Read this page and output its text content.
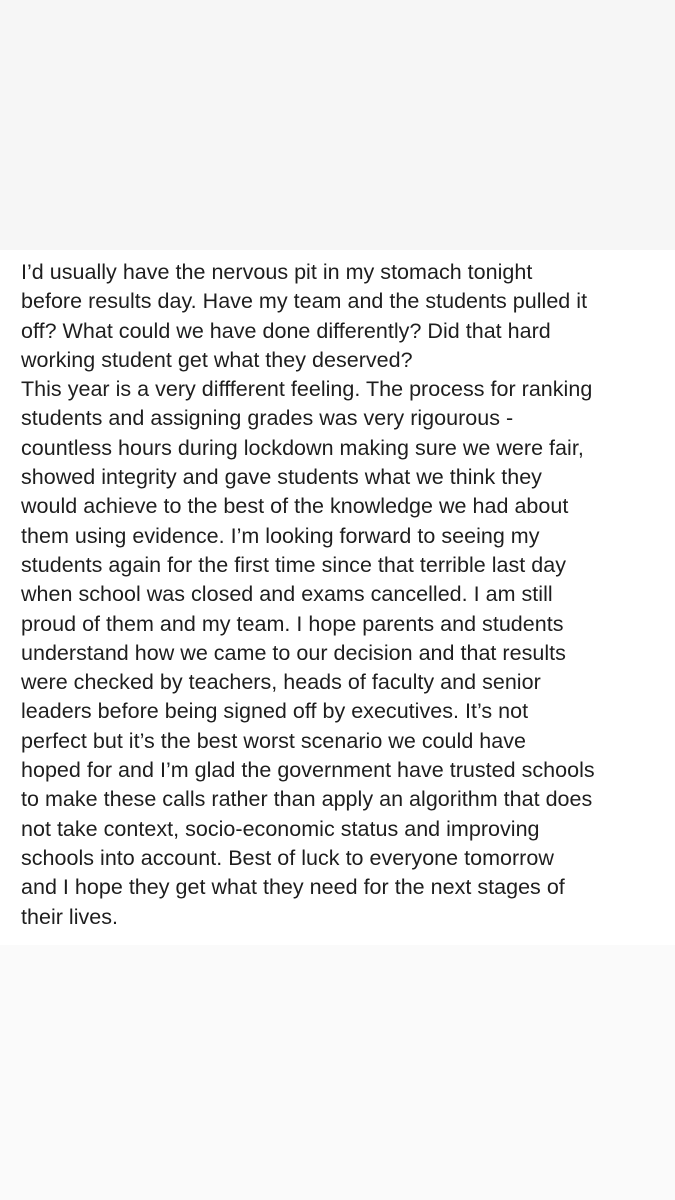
I’d usually have the nervous pit in my stomach tonight
before results day. Have my team and the students pulled it
off? What could we have done differently? Did that hard
working student get what they deserved?
This year is a very diffferent feeling. The process for ranking
students and assigning grades was very rigourous -
countless hours during lockdown making sure we were fair,
showed integrity and gave students what we think they
would achieve to the best of the knowledge we had about
them using evidence. I’m looking forward to seeing my
students again for the first time since that terrible last day
when school was closed and exams cancelled. I am still
proud of them and my team. I hope parents and students
understand how we came to our decision and that results
were checked by teachers, heads of faculty and senior
leaders before being signed off by executives. It’s not
perfect but it’s the best worst scenario we could have
hoped for and I’m glad the government have trusted schools
to make these calls rather than apply an algorithm that does
not take context, socio-economic status and improving
schools into account. Best of luck to everyone tomorrow
and I hope they get what they need for the next stages of
their lives.
